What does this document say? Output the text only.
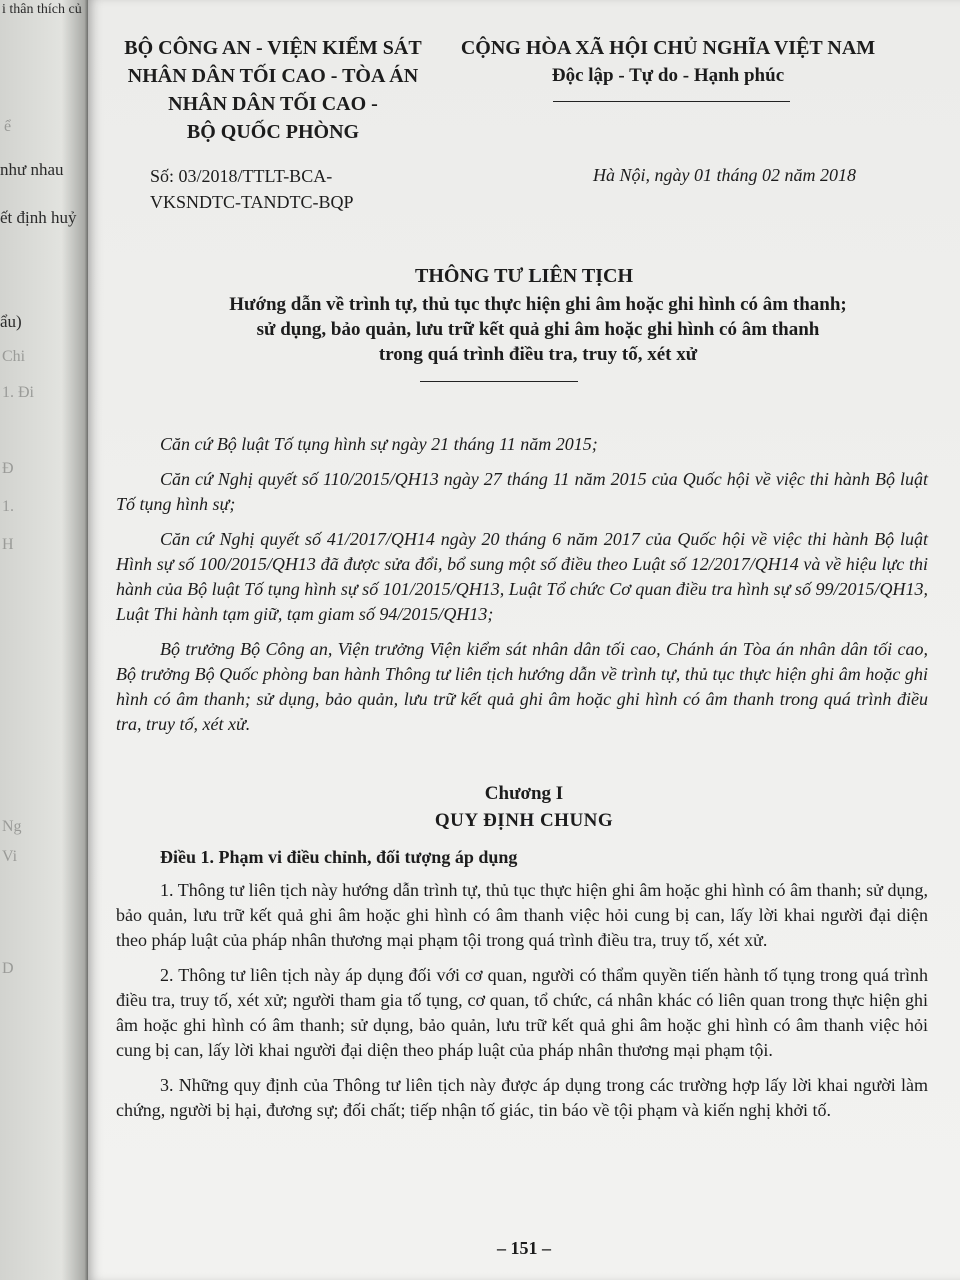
i thân thích củ
ể
như nhau
ết định huỷ
ẩu)
Chi
1. Đi
Đ
1.
H
Ng
Vi
D
BỘ CÔNG AN - VIỆN KIỂM SÁT
NHÂN DÂN TỐI CAO - TÒA ÁN
NHÂN DÂN TỐI CAO -
BỘ QUỐC PHÒNG
CỘNG HÒA XÃ HỘI CHỦ NGHĨA VIỆT NAM
Độc lập - Tự do - Hạnh phúc
Số: 03/2018/TTLT-BCA-
VKSNDTC-TANDTC-BQP
Hà Nội, ngày 01 tháng 02 năm 2018
THÔNG TƯ LIÊN TỊCH
Hướng dẫn về trình tự, thủ tục thực hiện ghi âm hoặc ghi hình có âm thanh;
sử dụng, bảo quản, lưu trữ kết quả ghi âm hoặc ghi hình có âm thanh
trong quá trình điều tra, truy tố, xét xử

Căn cứ Bộ luật Tố tụng hình sự ngày 21 tháng 11 năm 2015;

Căn cứ Nghị quyết số 110/2015/QH13 ngày 27 tháng 11 năm 2015 của Quốc hội về việc thi hành Bộ luật Tố tụng hình sự;

Căn cứ Nghị quyết số 41/2017/QH14 ngày 20 tháng 6 năm 2017 của Quốc hội về việc thi hành Bộ luật Hình sự số 100/2015/QH13 đã được sửa đổi, bổ sung một số điều theo Luật số 12/2017/QH14 và về hiệu lực thi hành của Bộ luật Tố tụng hình sự số 101/2015/QH13, Luật Tổ chức Cơ quan điều tra hình sự số 99/2015/QH13, Luật Thi hành tạm giữ, tạm giam số 94/2015/QH13;

Bộ trưởng Bộ Công an, Viện trưởng Viện kiểm sát nhân dân tối cao, Chánh án Tòa án nhân dân tối cao, Bộ trưởng Bộ Quốc phòng ban hành Thông tư liên tịch hướng dẫn về trình tự, thủ tục thực hiện ghi âm hoặc ghi hình có âm thanh; sử dụng, bảo quản, lưu trữ kết quả ghi âm hoặc ghi hình có âm thanh trong quá trình điều tra, truy tố, xét xử.

Chương I
QUY ĐỊNH CHUNG
Điều 1. Phạm vi điều chỉnh, đối tượng áp dụng

1. Thông tư liên tịch này hướng dẫn trình tự, thủ tục thực hiện ghi âm hoặc ghi hình có âm thanh; sử dụng, bảo quản, lưu trữ kết quả ghi âm hoặc ghi hình có âm thanh việc hỏi cung bị can, lấy lời khai người đại diện theo pháp luật của pháp nhân thương mại phạm tội trong quá trình điều tra, truy tố, xét xử.

2. Thông tư liên tịch này áp dụng đối với cơ quan, người có thẩm quyền tiến hành tố tụng trong quá trình điều tra, truy tố, xét xử; người tham gia tố tụng, cơ quan, tổ chức, cá nhân khác có liên quan trong thực hiện ghi âm hoặc ghi hình có âm thanh; sử dụng, bảo quản, lưu trữ kết quả ghi âm hoặc ghi hình có âm thanh việc hỏi cung bị can, lấy lời khai người đại diện theo pháp luật của pháp nhân thương mại phạm tội.

3. Những quy định của Thông tư liên tịch này được áp dụng trong các trường hợp lấy lời khai người làm chứng, người bị hại, đương sự; đối chất; tiếp nhận tố giác, tin báo về tội phạm và kiến nghị khởi tố.

– 151 –
